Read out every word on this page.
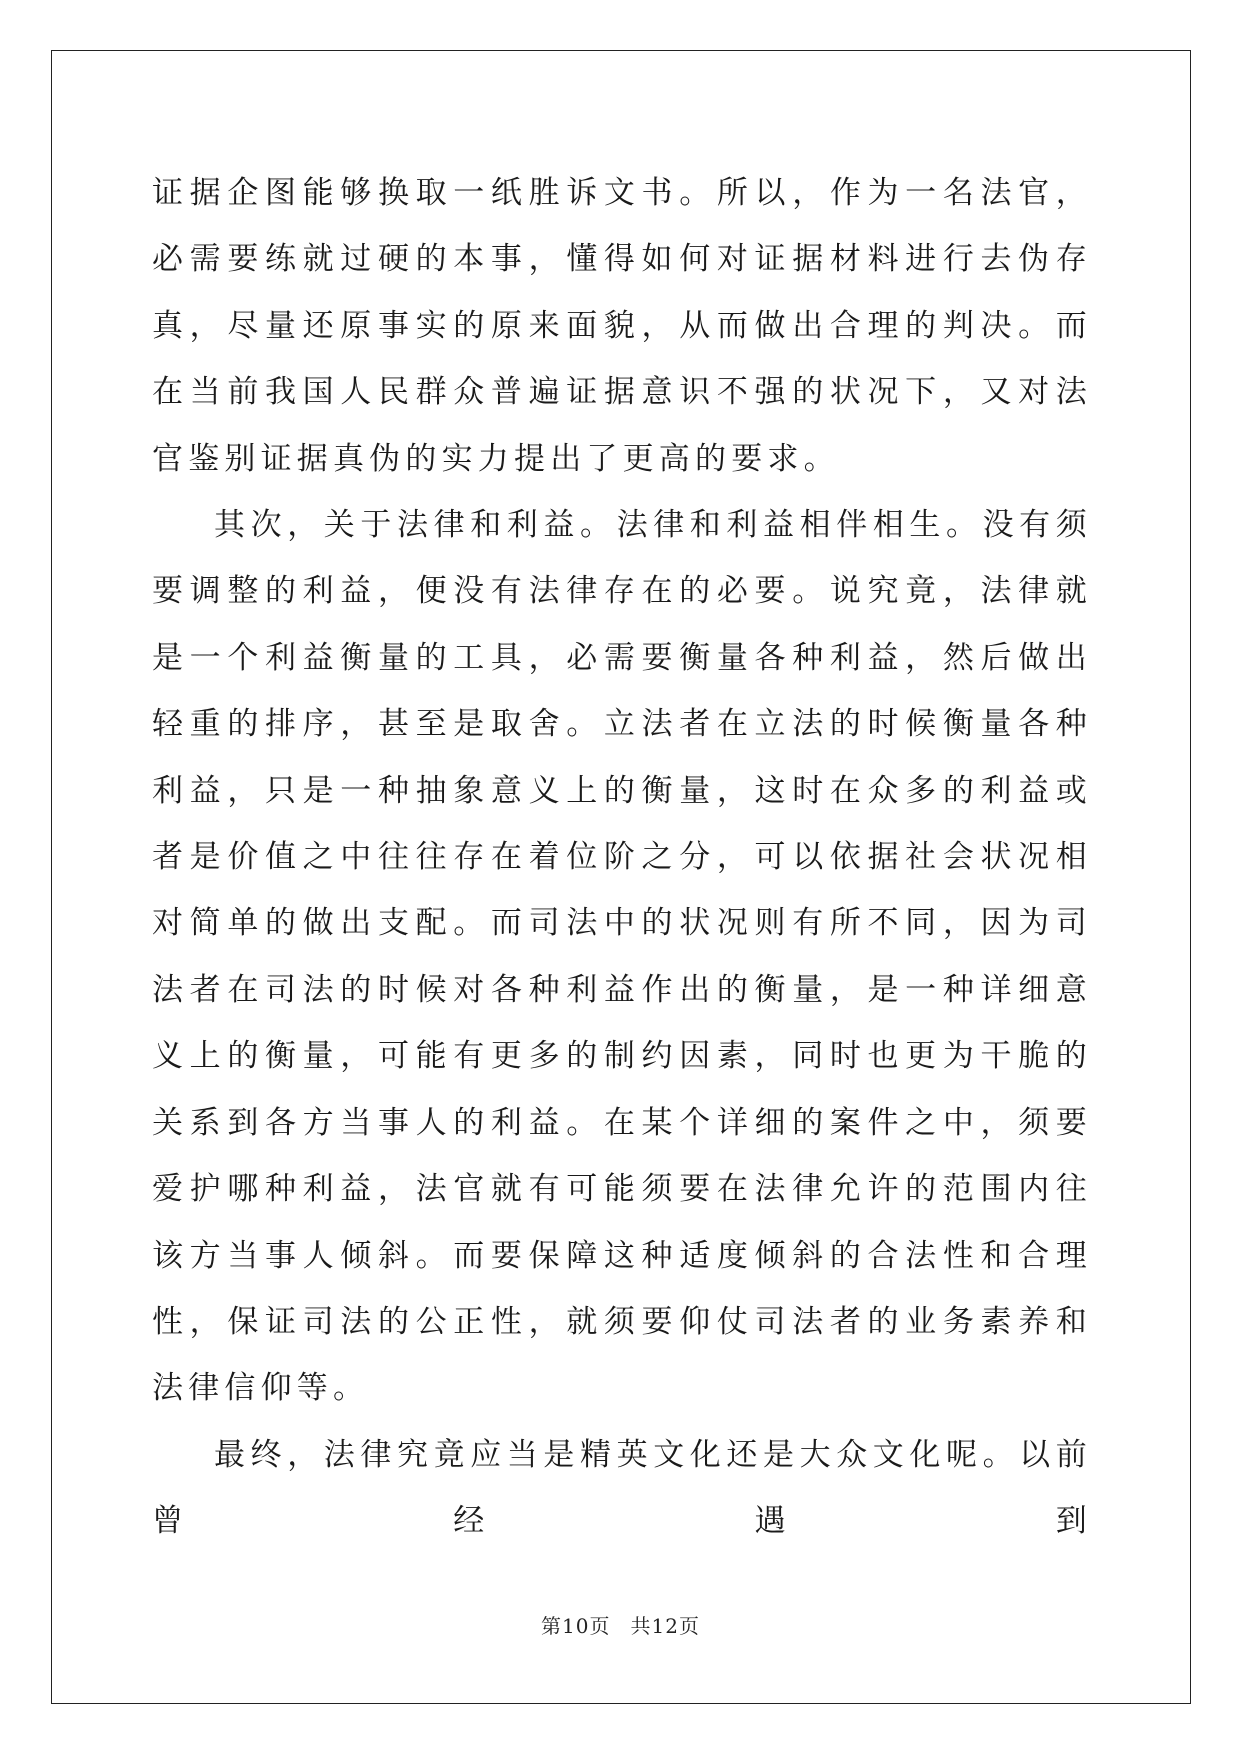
证据企图能够换取一纸胜诉文书。所以，作为一名法官，必需要练就过硬的本事，懂得如何对证据材料进行去伪存真，尽量还原事实的原来面貌，从而做出合理的判决。而在当前我国人民群众普遍证据意识不强的状况下，又对法官鉴别证据真伪的实力提出了更高的要求。

其次，关于法律和利益。法律和利益相伴相生。没有须要调整的利益，便没有法律存在的必要。说究竟，法律就是一个利益衡量的工具，必需要衡量各种利益，然后做出轻重的排序，甚至是取舍。立法者在立法的时候衡量各种利益，只是一种抽象意义上的衡量，这时在众多的利益或者是价值之中往往存在着位阶之分，可以依据社会状况相对简单的做出支配。而司法中的状况则有所不同，因为司法者在司法的时候对各种利益作出的衡量，是一种详细意义上的衡量，可能有更多的制约因素，同时也更为干脆的关系到各方当事人的利益。在某个详细的案件之中，须要爱护哪种利益，法官就有可能须要在法律允许的范围内往该方当事人倾斜。而要保障这种适度倾斜的合法性和合理性，保证司法的公正性，就须要仰仗司法者的业务素养和法律信仰等。

最终，法律究竟应当是精英文化还是大众文化呢。以前曾经遇到

第10页 共12页
